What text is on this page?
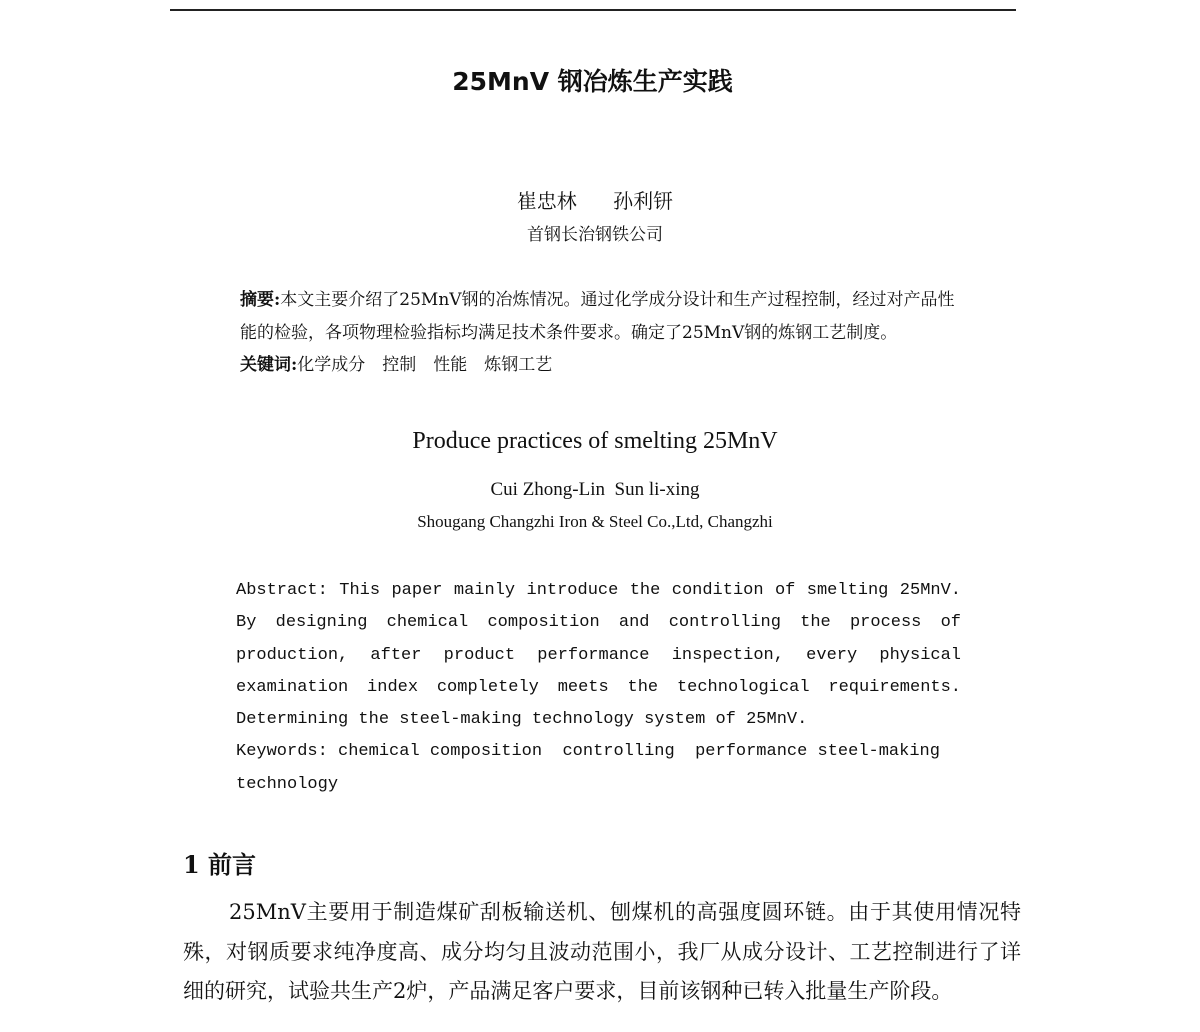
25MnV 钢冶炼生产实践
崔忠林 孙利钘
首钢长治钢铁公司

摘要:本文主要介绍了25MnV钢的冶炼情况。通过化学成分设计和生产过程控制，经过对产品性能的检验，各项物理检验指标均满足技术条件要求。确定了25MnV钢的炼钢工艺制度。

关键词:化学成分　控制　性能　炼钢工艺

Produce practices of smelting 25MnV
Cui Zhong-Lin  Sun li-xing
Shougang Changzhi Iron & Steel Co.,Ltd, Changzhi

Abstract: This paper mainly introduce the condition of smelting 25MnV. By designing chemical composition and controlling the process of production, after product performance inspection, every physical examination index completely meets the technological requirements. Determining the steel-making technology system of 25MnV.

Keywords: chemical composition  controlling  performance steel-making technology

1 前言

25MnV主要用于制造煤矿刮板输送机、刨煤机的高强度圆环链。由于其使用情况特殊，对钢质要求纯净度高、成分均匀且波动范围小，我厂从成分设计、工艺控制进行了详细的研究，试验共生产2炉，产品满足客户要求，目前该钢种已转入批量生产阶段。
